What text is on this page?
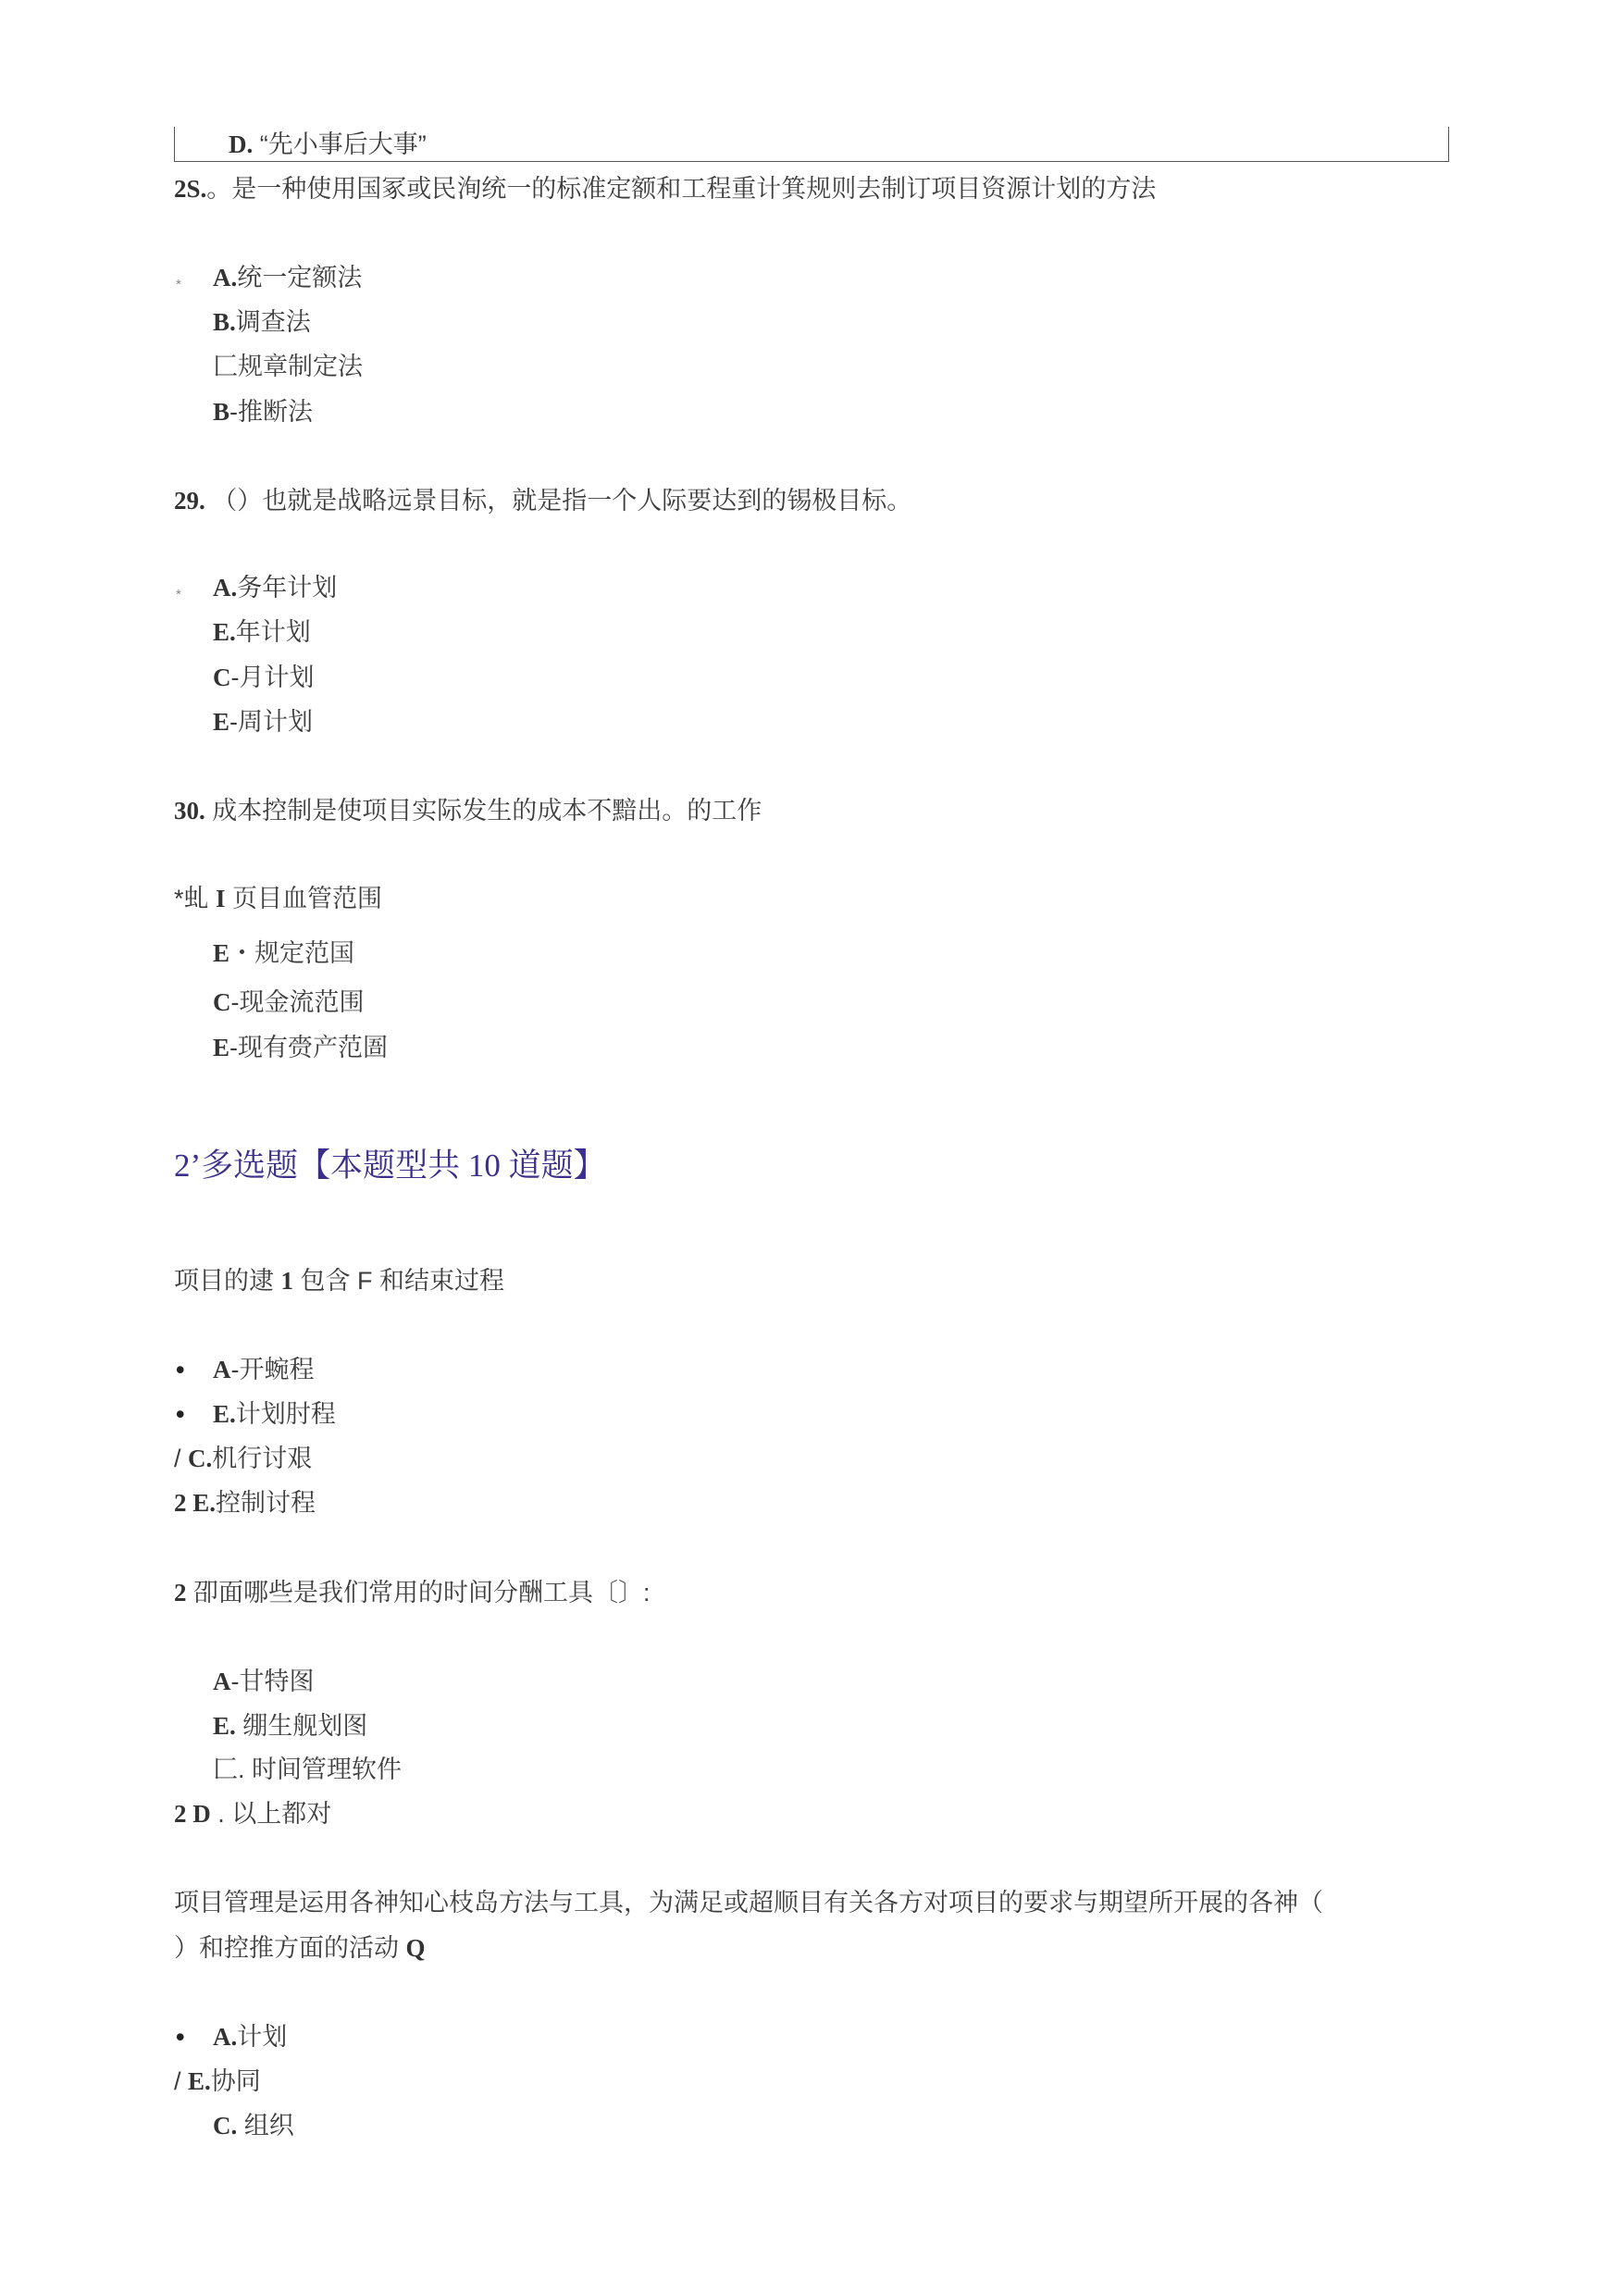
D. “先小事后大事”
2S.。是一种使用国冢或民洵统一的标准定额和工程重计箕规则去制订项目资源计划的方法
* A.统一定额法
B.调查法
匚规章制定法
B-推断法
29. （）也就是战略远景目标，就是指一个人际要达到的锡极目标。
* A.务年计划
E.年计划
C-月计划
E-周计划
30. 成本控制是使项目实际发生的成本不黯出。的工作
*虬 I 页目血管范围
E・规定范国
C-现金流范围
E-现有赍产范圄
2’多选题【本题型共 10 道题】
项目的逮 1 包含 F 和结束过程
• A-开蜿程
• E.计划肘程
/ C.机行讨艰
2 E.控制讨程
2 卲面哪些是我们常用的时间分酬工具〔〕:
A-甘特图
E. 绷生舰划图
匚. 时间管理软件
2 D . 以上都对
项目管理是运用各神知心枝岛方法与工具，为满足或超顺目有关各方对项目的要求与期望所开展的各神（
）和控推方面的活动 Q
• A.计划
/ E.协同
C. 组织
